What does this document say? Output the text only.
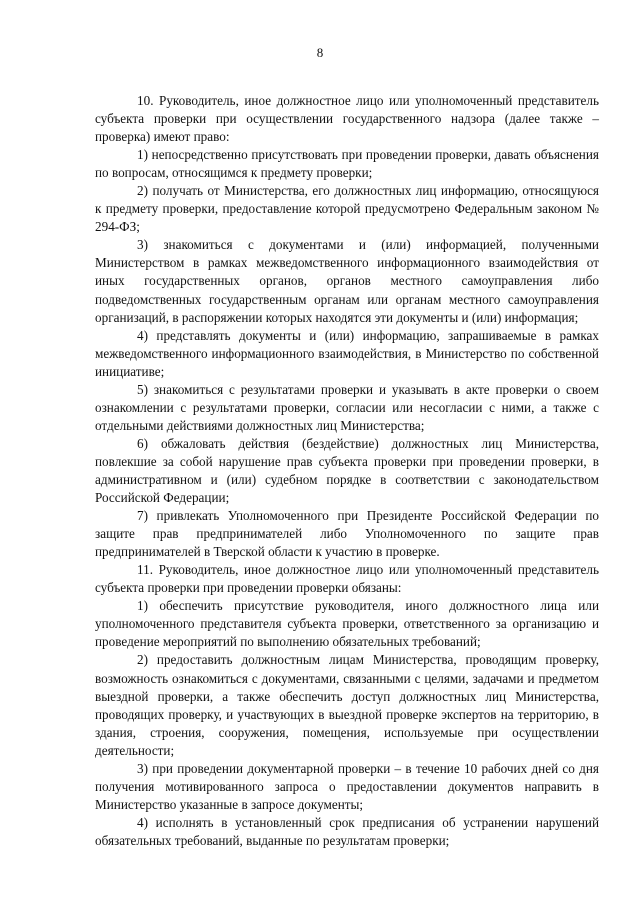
8

10. Руководитель, иное должностное лицо или уполномоченный представитель субъекта проверки при осуществлении государственного надзора (далее также – проверка) имеют право:

1) непосредственно присутствовать при проведении проверки, давать объяснения по вопросам, относящимся к предмету проверки;

2) получать от Министерства, его должностных лиц информацию, относящуюся к предмету проверки, предоставление которой предусмотрено Федеральным законом № 294-ФЗ;

3) знакомиться с документами и (или) информацией, полученными Министерством в рамках межведомственного информационного взаимодействия от иных государственных органов, органов местного самоуправления либо подведомственных государственным органам или органам местного самоуправления организаций, в распоряжении которых находятся эти документы и (или) информация;

4) представлять документы и (или) информацию, запрашиваемые в рамках межведомственного информационного взаимодействия, в Министерство по собственной инициативе;

5) знакомиться с результатами проверки и указывать в акте проверки о своем ознакомлении с результатами проверки, согласии или несогласии с ними, а также с отдельными действиями должностных лиц Министерства;

6) обжаловать действия (бездействие) должностных лиц Министерства, повлекшие за собой нарушение прав субъекта проверки при проведении проверки, в административном и (или) судебном порядке в соответствии с законодательством Российской Федерации;

7) привлекать Уполномоченного при Президенте Российской Федерации по защите прав предпринимателей либо Уполномоченного по защите прав предпринимателей в Тверской области к участию в проверке.

11. Руководитель, иное должностное лицо или уполномоченный представитель субъекта проверки при проведении проверки обязаны:

1) обеспечить присутствие руководителя, иного должностного лица или уполномоченного представителя субъекта проверки, ответственного за организацию и проведение мероприятий по выполнению обязательных требований;

2) предоставить должностным лицам Министерства, проводящим проверку, возможность ознакомиться с документами, связанными с целями, задачами и предметом выездной проверки, а также обеспечить доступ должностных лиц Министерства, проводящих проверку, и участвующих в выездной проверке экспертов на территорию, в здания, строения, сооружения, помещения, используемые при осуществлении деятельности;

3) при проведении документарной проверки – в течение 10 рабочих дней со дня получения мотивированного запроса о предоставлении документов направить в Министерство указанные в запросе документы;

4) исполнять в установленный срок предписания об устранении нарушений обязательных требований, выданные по результатам проверки;
